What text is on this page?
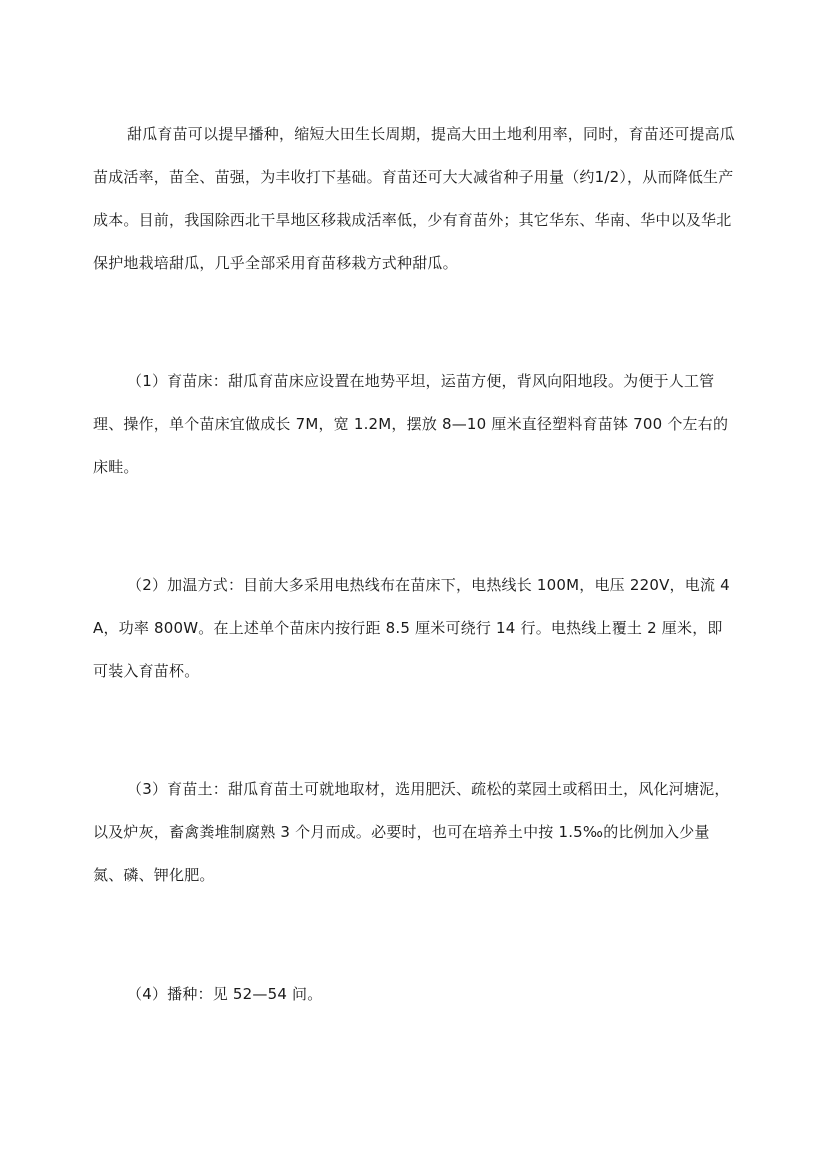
甜瓜育苗可以提早播种，缩短大田生长周期，提高大田土地利用率，同时，育苗还可提高瓜苗成活率，苗全、苗强，为丰收打下基础。育苗还可大大减省种子用量（约1/2），从而降低生产成本。目前，我国除西北干旱地区移栽成活率低，少有育苗外；其它华东、华南、华中以及华北保护地栽培甜瓜，几乎全部采用育苗移栽方式种甜瓜。

（1）育苗床：甜瓜育苗床应设置在地势平坦，运苗方便，背风向阳地段。为便于人工管理、操作，单个苗床宜做成长 7M，宽 1.2M，摆放 8—10 厘米直径塑料育苗钵 700 个左右的床畦。

（2）加温方式：目前大多采用电热线布在苗床下，电热线长 100M，电压 220V，电流 4A，功率 800W。在上述单个苗床内按行距 8.5 厘米可绕行 14 行。电热线上覆土 2 厘米，即可装入育苗杯。

（3）育苗土：甜瓜育苗土可就地取材，选用肥沃、疏松的菜园土或稻田土，风化河塘泥，以及炉灰，畜禽粪堆制腐熟 3 个月而成。必要时，也可在培养土中按 1.5‰的比例加入少量氮、磷、钾化肥。

（4）播种：见 52—54 问。
